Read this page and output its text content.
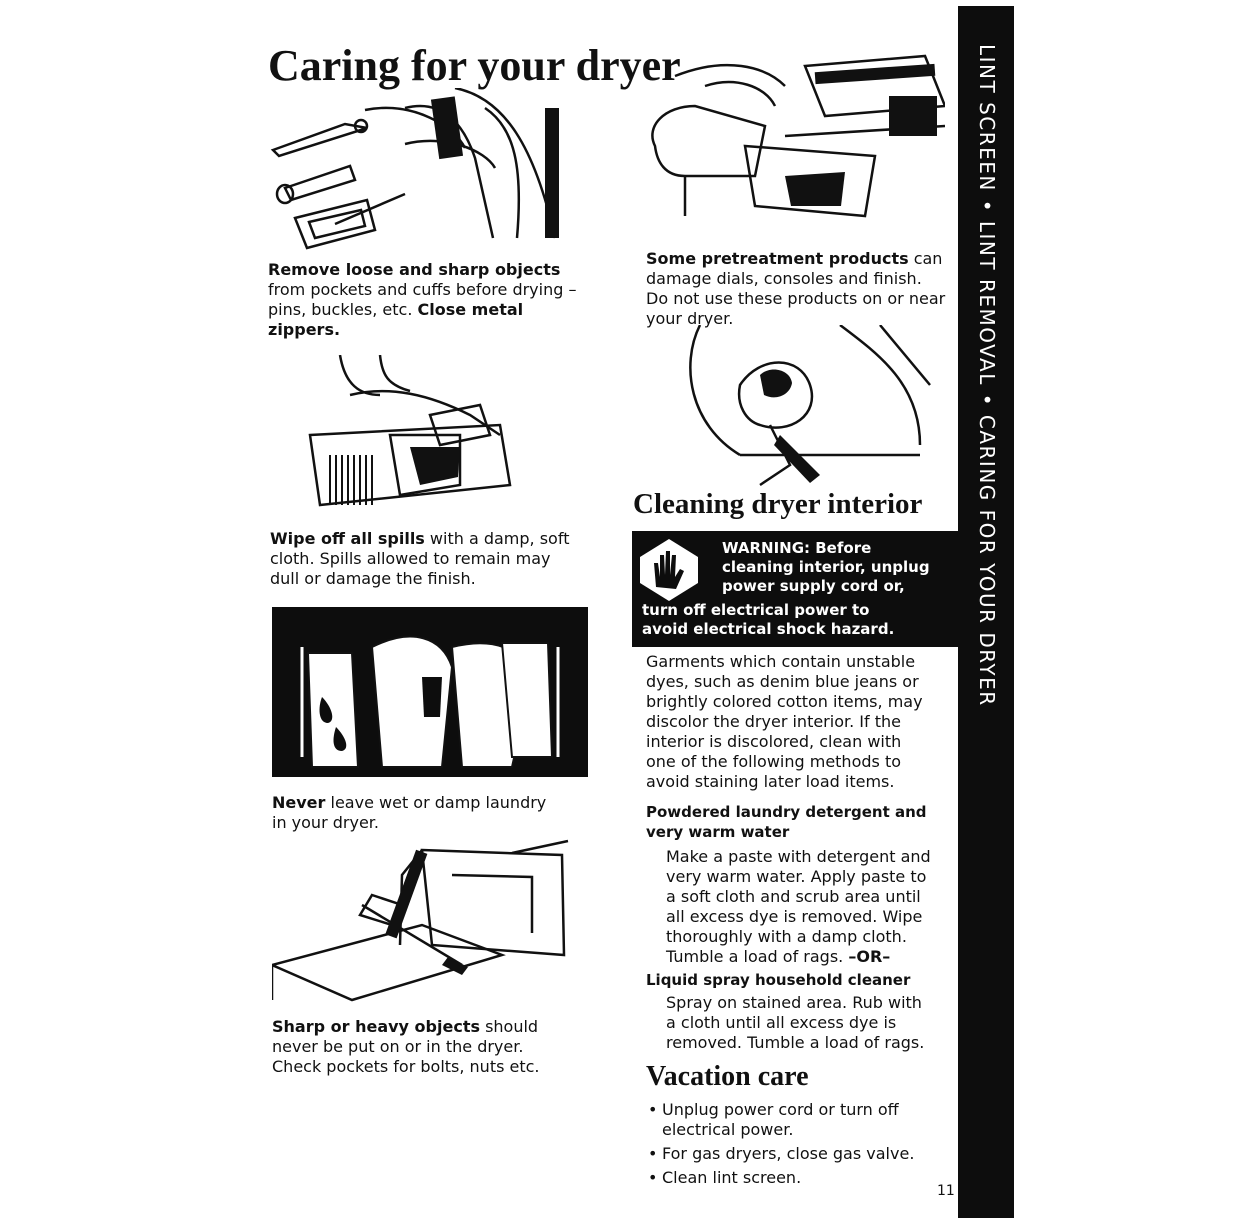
Caring for your dryer
Remove loose and sharp objects
from pockets and cuffs before drying –
pins, buckles, etc. Close metal
zippers.
Wipe off all spills with a damp, soft
cloth. Spills allowed to remain may
dull or damage the finish.
Never leave wet or damp laundry
in your dryer.
Sharp or heavy objects should
never be put on or in the dryer.
Check pockets for bolts, nuts etc.
Some pretreatment products can
damage dials, consoles and finish.
Do not use these products on or near
your dryer.
Cleaning dryer interior
WARNING: Before
cleaning interior, unplug
power supply cord or,
turn off electrical power to
avoid electrical shock hazard.
Garments which contain unstable
dyes, such as denim blue jeans or
brightly colored cotton items, may
discolor the dryer interior. If the
interior is discolored, clean with
one of the following methods to
avoid staining later load items.
Powdered laundry detergent and
very warm water
Make a paste with detergent and
very warm water. Apply paste to
a soft cloth and scrub area until
all excess dye is removed. Wipe
thoroughly with a damp cloth.
Tumble a load of rags. –OR–
Liquid spray household cleaner
Spray on stained area. Rub with
a cloth until all excess dye is
removed. Tumble a load of rags.
Vacation care
• Unplug power cord or turn off
electrical power.
• For gas dryers, close gas valve.
• Clean lint screen.
11
LINT SCREEN • LINT REMOVAL • CARING FOR YOUR DRYER
